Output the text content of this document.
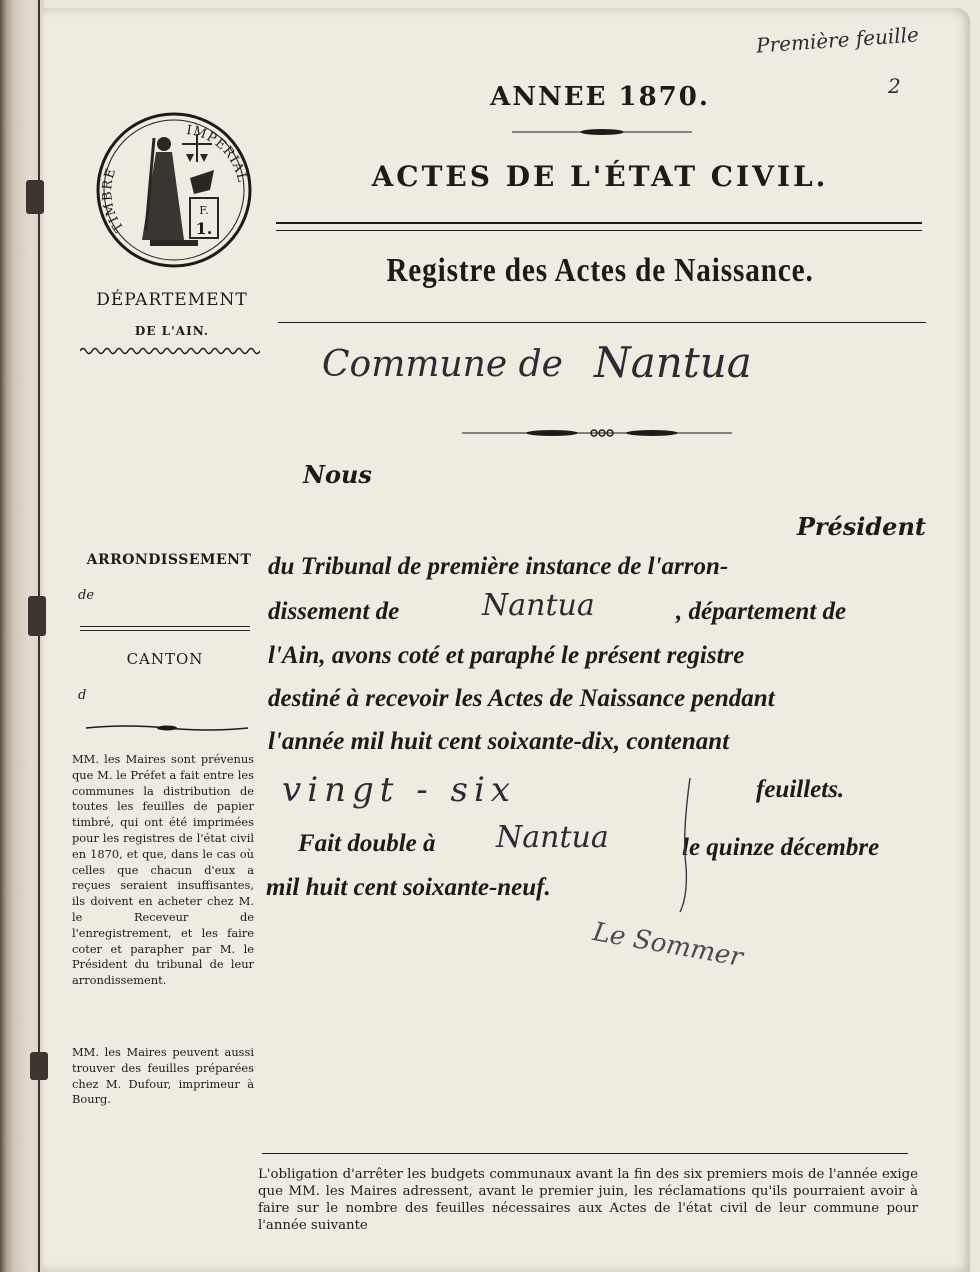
Première feuille

2

TIMBRE
IMPERIAL
F.
1.

DÉPARTEMENT

DE L'AIN.

ARRONDISSEMENT

de

CANTON

d

MM. les Maires sont prévenus que M. le Préfet a fait entre les communes la distribution de toutes les feuilles de papier timbré, qui ont été imprimées pour les registres de l'état civil en 1870, et que, dans le cas où celles que chacun d'eux a reçues seraient insuffisantes, ils doivent en acheter chez M. le Receveur de l'enregistrement, et les faire coter et parapher par M. le Président du tribunal de leur arrondissement.

MM. les Maires peuvent aussi trouver des feuilles préparées chez M. Dufour, imprimeur à Bourg.

ANNEE 1870.

ACTES DE L'ÉTAT CIVIL.

Registre des Actes de Naissance.

Commune de Nantua

Nous

Président

du Tribunal de première instance de l'arron-

dissement de	Nantua	, département de

l'Ain, avons coté et paraphé le présent registre

destiné à recevoir les Actes de Naissance pendant

l'année mil huit cent soixante-dix, contenant

vingt - six	feuillets.

Fait double à Nantua	le quinze décembre

mil huit cent soixante-neuf.

Le Sommer

L'obligation d'arrêter les budgets communaux avant la fin des six premiers mois de l'année exige que MM. les Maires adressent, avant le premier juin, les réclamations qu'ils pourraient avoir à faire sur le nombre des feuilles nécessaires aux Actes de l'état civil de leur commune pour l'année suivante
